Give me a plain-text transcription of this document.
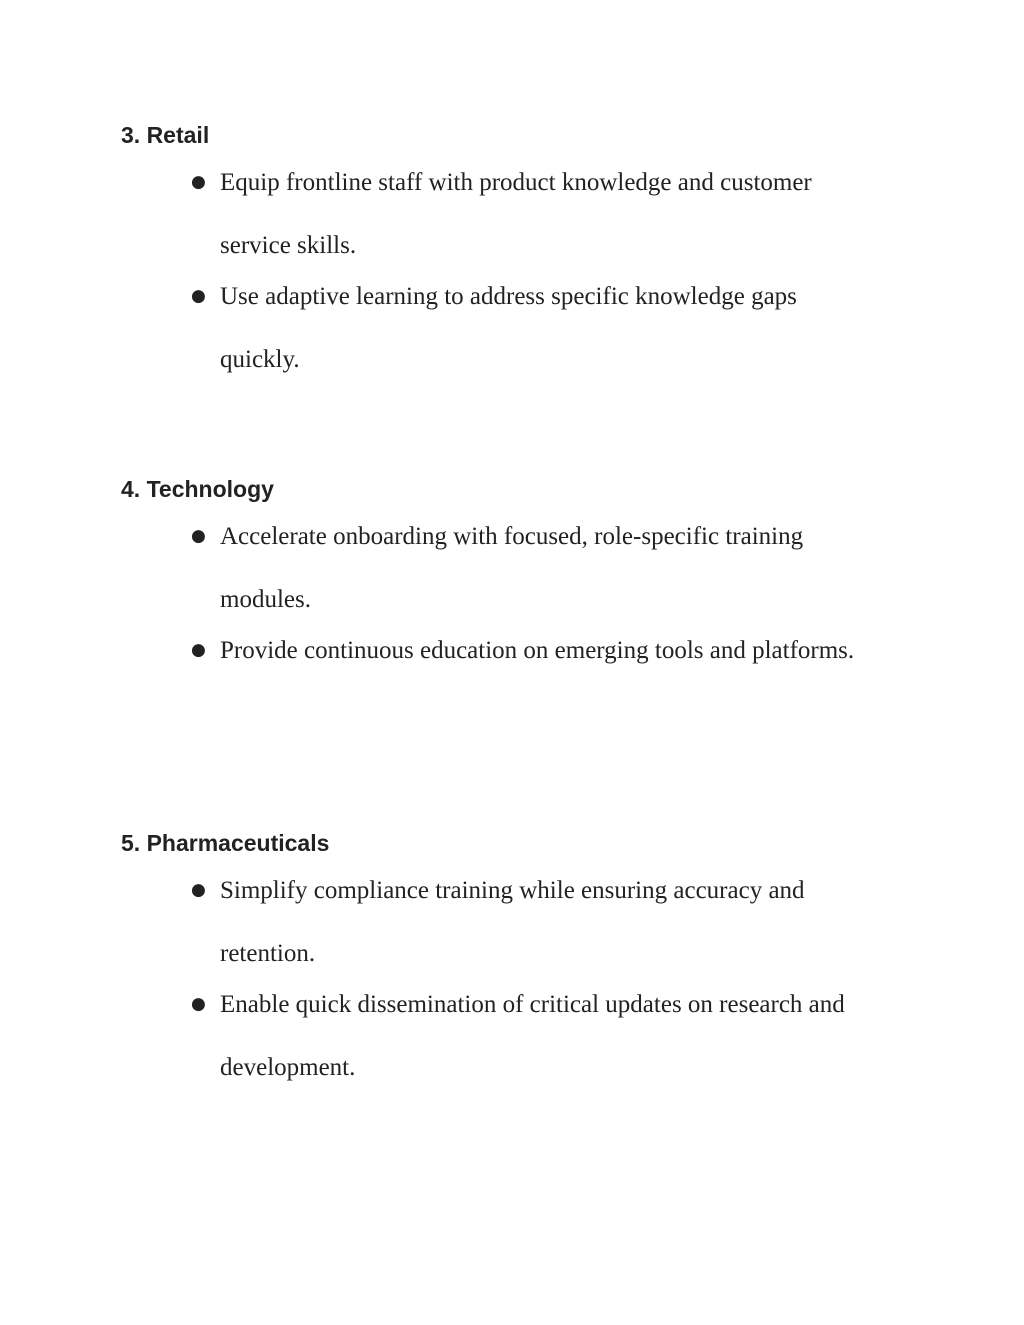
3. Retail
● Equip frontline staff with product knowledge and customer service skills.
● Use adaptive learning to address specific knowledge gaps quickly.
4. Technology
● Accelerate onboarding with focused, role-specific training modules.
● Provide continuous education on emerging tools and platforms.
5. Pharmaceuticals
● Simplify compliance training while ensuring accuracy and retention.
● Enable quick dissemination of critical updates on research and development.
